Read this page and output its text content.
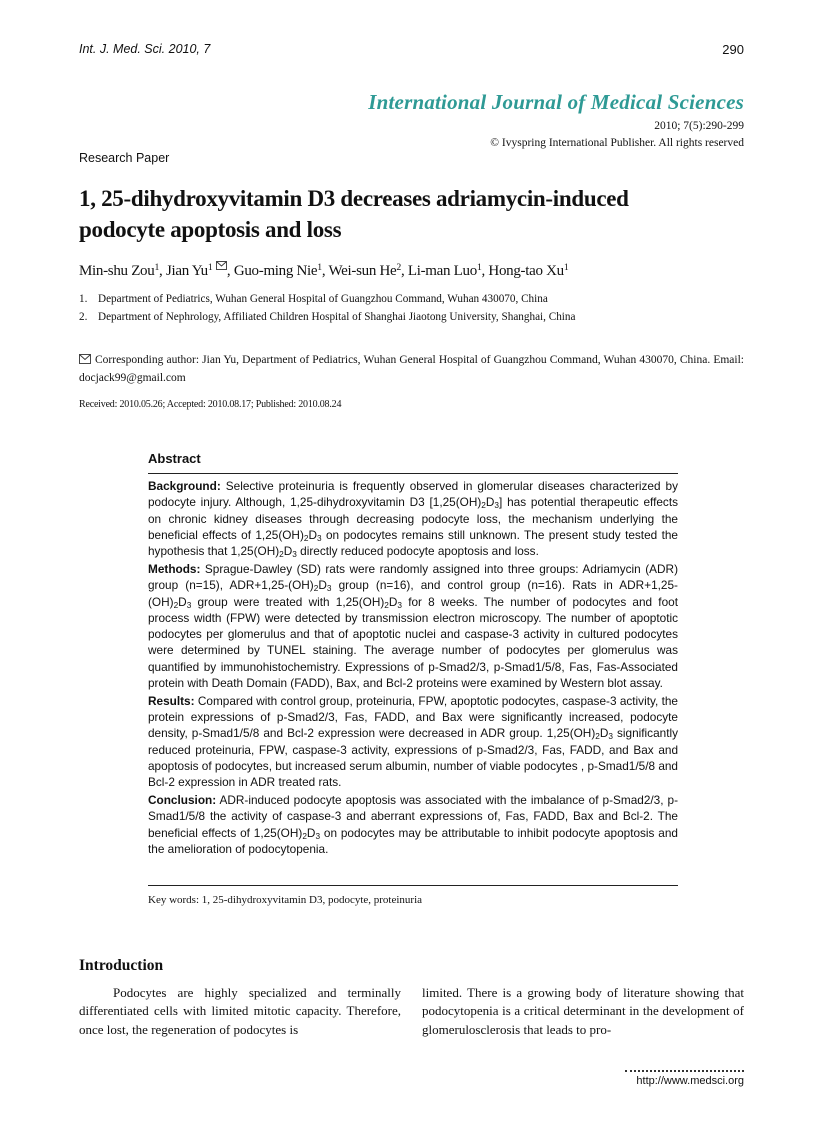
Int. J. Med. Sci. 2010, 7	290
International Journal of Medical Sciences
2010; 7(5):290-299
© Ivyspring International Publisher. All rights reserved
Research Paper
1, 25-dihydroxyvitamin D3 decreases adriamycin-induced podocyte apoptosis and loss
Min-shu Zou$^1$, Jian Yu$^1$ , Guo-ming Nie$^1$, Wei-sun He$^2$, Li-man Luo$^1$, Hong-tao Xu$^1$
1. Department of Pediatrics, Wuhan General Hospital of Guangzhou Command, Wuhan 430070, China
2. Department of Nephrology, Affiliated Children Hospital of Shanghai Jiaotong University, Shanghai, China
Corresponding author: Jian Yu, Department of Pediatrics, Wuhan General Hospital of Guangzhou Command, Wuhan 430070, China. Email: docjack99@gmail.com
Received: 2010.05.26; Accepted: 2010.08.17; Published: 2010.08.24
Abstract

Background: Selective proteinuria is frequently observed in glomerular diseases characterized by podocyte injury. Although, 1,25-dihydroxyvitamin D3 $[1,25(OH)_2D_3]$ has potential therapeutic effects on chronic kidney diseases through decreasing podocyte loss, the mechanism underlying the beneficial effects of $1,25(OH)_2D_3$ on podocytes remains still unknown. The present study tested the hypothesis that $1,25(OH)_2D_3$ directly reduced podocyte apoptosis and loss.

Methods: Sprague-Dawley (SD) rats were randomly assigned into three groups: Adriamycin (ADR) group (n=15), $ADR+1,25-(OH)_2D_3$ group (n=16), and control group (n=16). Rats in $ADR+1,25-(OH)_2D_3$ group were treated with $1,25(OH)_2D_3$ for 8 weeks. The number of podocytes and foot process width (FPW) were detected by transmission electron microscopy. The number of apoptotic podocytes per glomerulus and that of apoptotic nuclei and caspase-3 activity in cultured podocytes were determined by TUNEL staining. The average number of podocytes per glomerulus was quantified by immunohistochemistry. Expressions of p-Smad2/3, p-Smad1/5/8, Fas, Fas-Associated protein with Death Domain (FADD), Bax, and Bcl-2 proteins were examined by Western blot assay.

Results: Compared with control group, proteinuria, FPW, apoptotic podocytes, caspase-3 activity, the protein expressions of p-Smad2/3, Fas, FADD, and Bax were significantly increased, podocyte density, p-Smad1/5/8 and Bcl-2 expression were decreased in ADR group. $1,25(OH)_2D_3$ significantly reduced proteinuria, FPW, caspase-3 activity, expressions of p-Smad2/3, Fas, FADD, and Bax and apoptosis of podocytes, but increased serum albumin, number of viable podocytes , p-Smad1/5/8 and Bcl-2 expression in ADR treated rats.

Conclusion: ADR-induced podocyte apoptosis was associated with the imbalance of p-Smad2/3, p-Smad1/5/8 the activity of caspase-3 and aberrant expressions of, Fas, FADD, Bax and Bcl-2. The beneficial effects of $1,25(OH)_2D_3$ on podocytes may be attributable to inhibit podocyte apoptosis and the amelioration of podocytopenia.

Key words: 1, 25-dihydroxyvitamin D3, podocyte, proteinuria
Introduction
Podocytes are highly specialized and terminally differentiated cells with limited mitotic capacity. Therefore, once lost, the regeneration of podocytes is
limited. There is a growing body of literature showing that podocytopenia is a critical determinant in the development of glomerulosclerosis that leads to pro-
http://www.medsci.org
